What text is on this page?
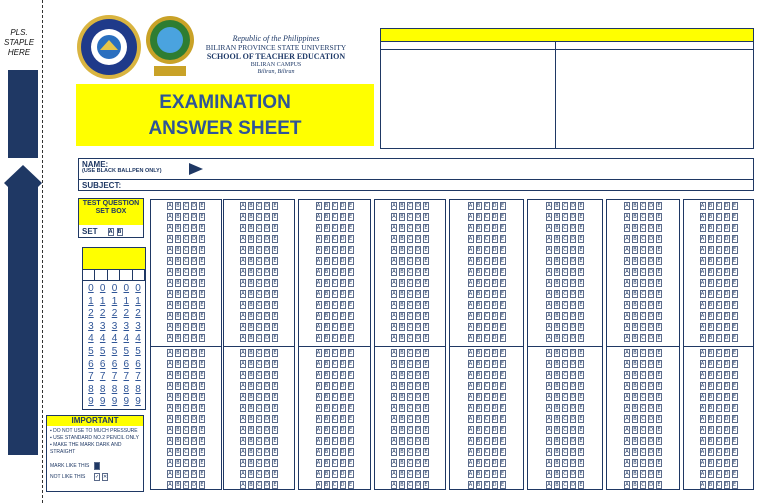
PLS. STAPLE HERE
Republic of the Philippines
BILIRAN PROVINCE STATE UNIVERSITY
SCHOOL OF TEACHER EDUCATION
BILIRAN CAMPUS
Biliran, Biliran
EXAMINATION
ANSWER SHEET
NAME:
(USE BLACK BALLPEN ONLY)
SUBJECT:
TEST QUESTION SET BOX
SET A B
0
1
2
3
4
5
6
7
8
9
0
1
2
3
4
5
6
7
8
9
0
1
2
3
4
5
6
7
8
9
0
1
2
3
4
5
6
7
8
9
0
1
2
3
4
5
6
7
8
9
IMPORTANT
▪ DO NOT USE TO MUCH PRESSURE
▪ USE STANDARD NO.2 PENCIL ONLY
▪ MAKE THE MARK DARK AND STRAIGHT
MARK LIKE THIS
NOT LIKE THIS	✓ ✕
A B C D E
A B C D E
A B C D E
A B C D E
A B C D E
A B C D E
A B C D E
A B C D E
A B C D E
A B C D E
A B C D E
A B C D E
A B C D E
A B C D E
A B C D E
A B C D E
A B C D E
A B C D E
A B C D E
A B C D E
A B C D E
A B C D E
A B C D E
A B C D E
A B C D E
A B C D E
A B C D E
A B C D E
A B C D E
A B C D E
A B C D E
A B C D E
A B C D E
A B C D E
A B C D E
A B C D E
A B C D E
A B C D E
A B C D E
A B C D E
A B C D E
A B C D E
A B C D E
A B C D E
A B C D E
A B C D E
A B C D E
A B C D E
A B C D E
A B C D E
A B C D E
A B C D E
A B C D E
A B C D E
A B C D E
A B C D E
A B C D E
A B C D E
A B C D E
A B C D E
A B C D E
A B C D E
A B C D E
A B C D E
A B C D E
A B C D E
A B C D E
A B C D E
A B C D E
A B C D E
A B C D E
A B C D E
A B C D E
A B C D E
A B C D E
A B C D E
A B C D E
A B C D E
A B C D E
A B C D E
A B C D E
A B C D E
A B C D E
A B C D E
A B C D E
A B C D E
A B C D E
A B C D E
A B C D E
A B C D E
A B C D E
A B C D E
A B C D E
A B C D E
A B C D E
A B C D E
A B C D E
A B C D E
A B C D E
A B C D E
A B C D E
A B C D E
A B C D E
A B C D E
A B C D E
A B C D E
A B C D E
A B C D E
A B C D E
A B C D E
A B C D E
A B C D E
A B C D E
A B C D E
A B C D E
A B C D E
A B C D E
A B C D E
A B C D E
A B C D E
A B C D E
A B C D E
A B C D E
A B C D E
A B C D E
A B C D E
A B C D E
A B C D E
A B C D E
A B C D E
A B C D E
A B C D E
A B C D E
A B C D E
A B C D E
A B C D E
A B C D E
A B C D E
A B C D E
A B C D E
A B C D E
A B C D E
A B C D E
A B C D E
A B C D E
A B C D E
A B C D E
A B C D E
A B C D E
A B C D E
A B C D E
A B C D E
A B C D E
A B C D E
A B C D E
A B C D E
A B C D E
A B C D E
A B C D E
A B C D E
A B C D E
A B C D E
A B C D E
A B C D E
A B C D E
A B C D E
A B C D E
A B C D E
A B C D E
A B C D E
A B C D E
A B C D E
A B C D E
A B C D E
A B C D E
A B C D E
A B C D E
A B C D E
A B C D E
A B C D E
A B C D E
A B C D E
A B C D E
A B C D E
A B C D E
A B C D E
A B C D E
A B C D E
A B C D E
A B C D E
A B C D E
A B C D E
A B C D E
A B C D E
A B C D E
A B C D E
A B C D E
A B C D E
A B C D E
A B C D E
A B C D E
A B C D E
A B C D E
A B C D E
A B C D E
A B C D E
A B C D E
A B C D E
